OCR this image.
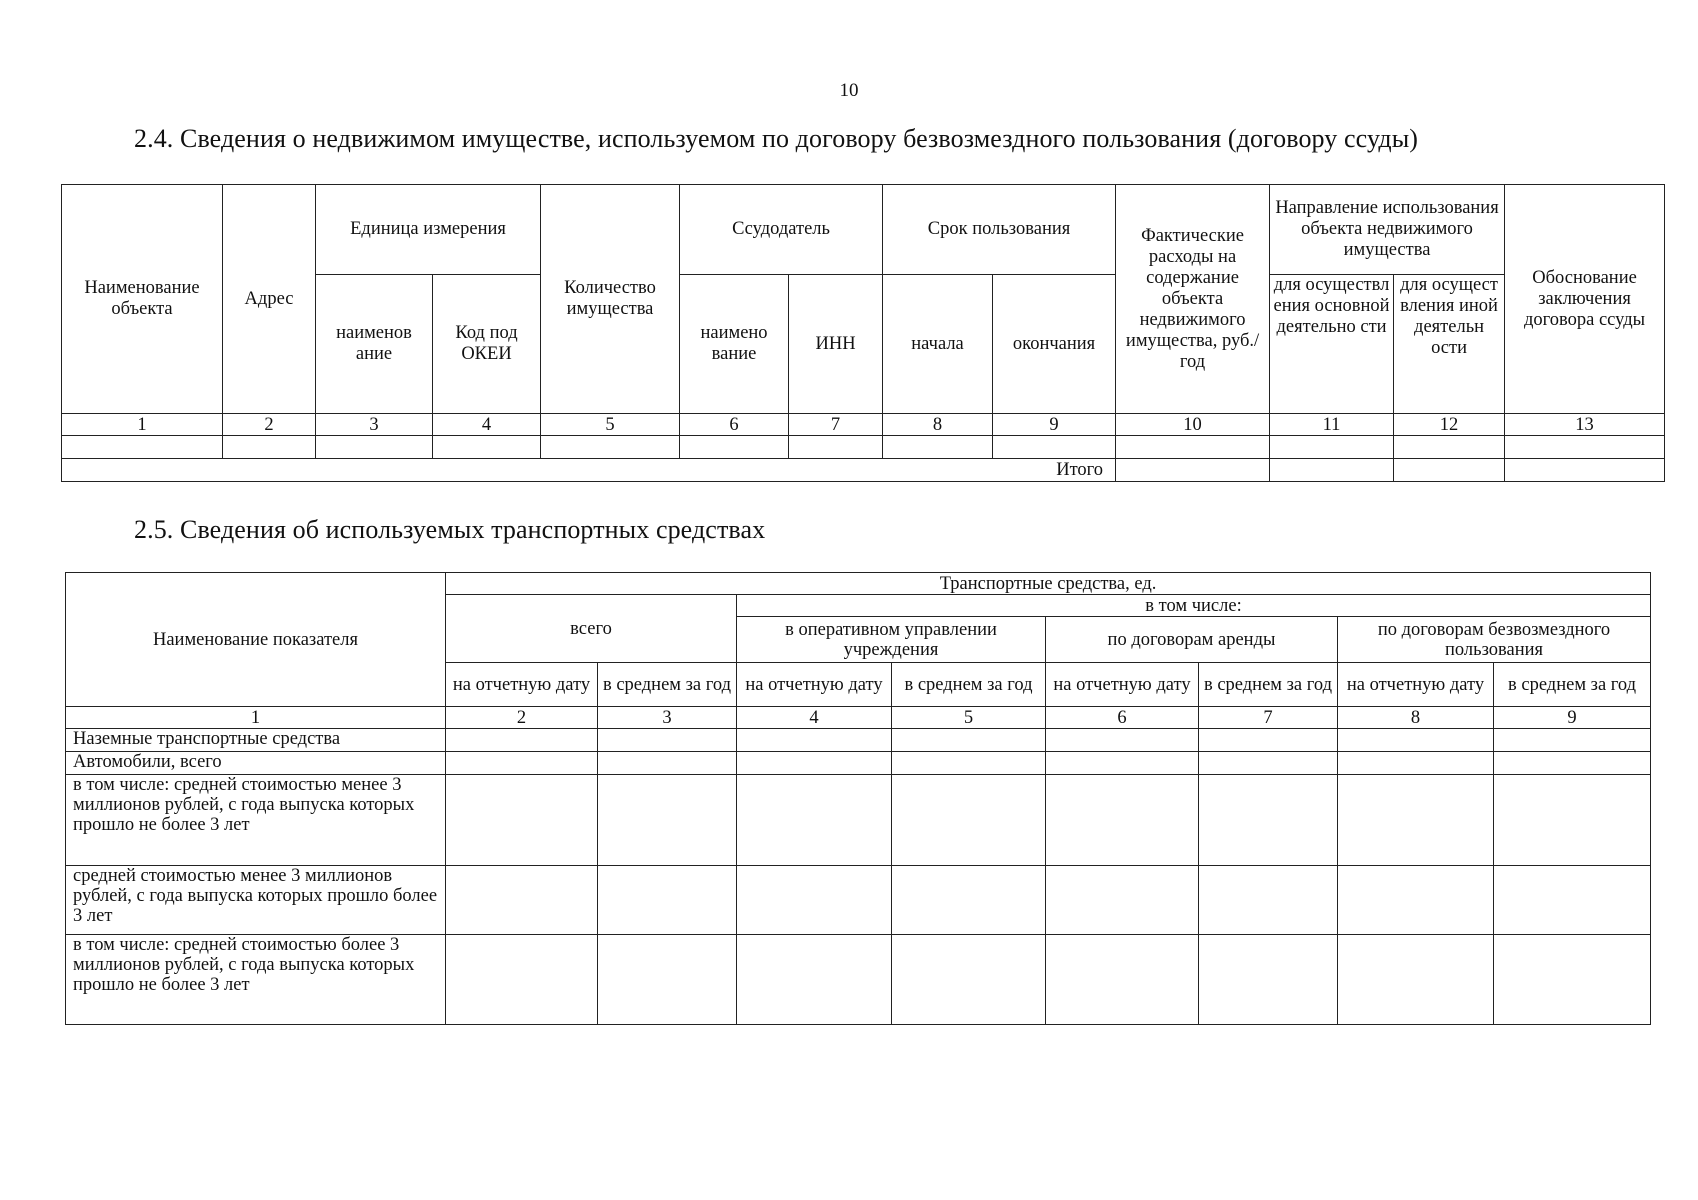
10
2.4. Сведения о недвижимом имуществе, используемом по договору безвозмездного пользования (договору ссуды)
Наименование объекта	Адрес	Единица измерения		Количество имущества	Ссудодатель		Срок пользования		Фактические расходы на содержание объекта недвижимого имущества, руб./год	Направление использования объекта недвижимого имущества		Обоснование заключения договора ссуды
		наименов ание	Код под ОКЕИ		наимено вание	ИНН	начала	окончания		для осуществл ения основной деятельно сти	для осущест вления иной деятельн ости	
1	2	3	4	5	6	7	8	9	10	11	12	13

Итого												
2.5. Сведения об используемых транспортных средствах
Наименование показателя	Транспортные средства, ед.							
	всего		в том числе:					
			в оперативном управлении учреждения		по договорам аренды		по договорам безвозмездного пользования	
	на отчетную дату	в среднем за год	на отчетную дату	в среднем за год	на отчетную дату	в среднем за год	на отчетную дату	в среднем за год
1	2	3	4	5	6	7	8	9
Наземные транспортные средства								
Автомобили, всего								
в том числе: средней стоимостью менее 3 миллионов рублей, с года выпуска которых прошло не более 3 лет								
средней стоимостью менее 3 миллионов рублей, с года выпуска которых прошло более 3 лет								
в том числе: средней стоимостью более 3 миллионов рублей, с года выпуска которых прошло не более 3 лет								
